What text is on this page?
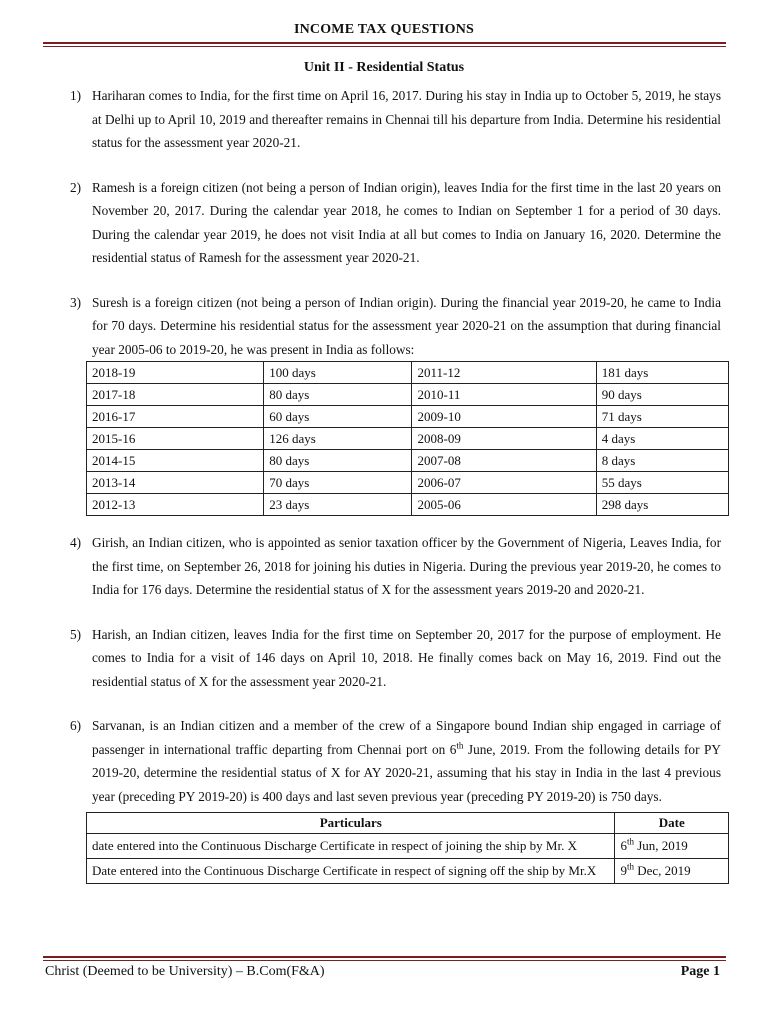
INCOME TAX QUESTIONS
Unit II - Residential Status
1) Hariharan comes to India, for the first time on April 16, 2017. During his stay in India up to October 5, 2019, he stays at Delhi up to April 10, 2019 and thereafter remains in Chennai till his departure from India. Determine his residential status for the assessment year 2020-21.

2) Ramesh is a foreign citizen (not being a person of Indian origin), leaves India for the first time in the last 20 years on November 20, 2017. During the calendar year 2018, he comes to Indian on September 1 for a period of 30 days. During the calendar year 2019, he does not visit India at all but comes to India on January 16, 2020. Determine the residential status of Ramesh for the assessment year 2020-21.

3) Suresh is a foreign citizen (not being a person of Indian origin). During the financial year 2019-20, he came to India for 70 days. Determine his residential status for the assessment year 2020-21 on the assumption that during financial year 2005-06 to 2019-20, he was present in India as follows:

2018-19	100 days	2011-12	181 days
2017-18	80 days	2010-11	90 days
2016-17	60 days	2009-10	71 days
2015-16	126 days	2008-09	4 days
2014-15	80 days	2007-08	8 days
2013-14	70 days	2006-07	55 days
2012-13	23 days	2005-06	298 days
4) Girish, an Indian citizen, who is appointed as senior taxation officer by the Government of Nigeria, Leaves India, for the first time, on September 26, 2018 for joining his duties in Nigeria. During the previous year 2019-20, he comes to India for 176 days. Determine the residential status of X for the assessment years 2019-20 and 2020-21.

5) Harish, an Indian citizen, leaves India for the first time on September 20, 2017 for the purpose of employment. He comes to India for a visit of 146 days on April 10, 2018. He finally comes back on May 16, 2019. Find out the residential status of X for the assessment year 2020-21.

6) Sarvanan, is an Indian citizen and a member of the crew of a Singapore bound Indian ship engaged in carriage of passenger in international traffic departing from Chennai port on 6th June, 2019. From the following details for PY 2019-20, determine the residential status of X for AY 2020-21, assuming that his stay in India in the last 4 previous year (preceding PY 2019-20) is 400 days and last seven previous year (preceding PY 2019-20) is 750 days.

Particulars	Date
date entered into the Continuous Discharge Certificate in respect of joining the ship by Mr. X	6th Jun, 2019
Date entered into the Continuous Discharge Certificate in respect of signing off the ship by Mr.X	9th Dec, 2019
Christ (Deemed to be University) – B.Com(F&A)	Page 1
